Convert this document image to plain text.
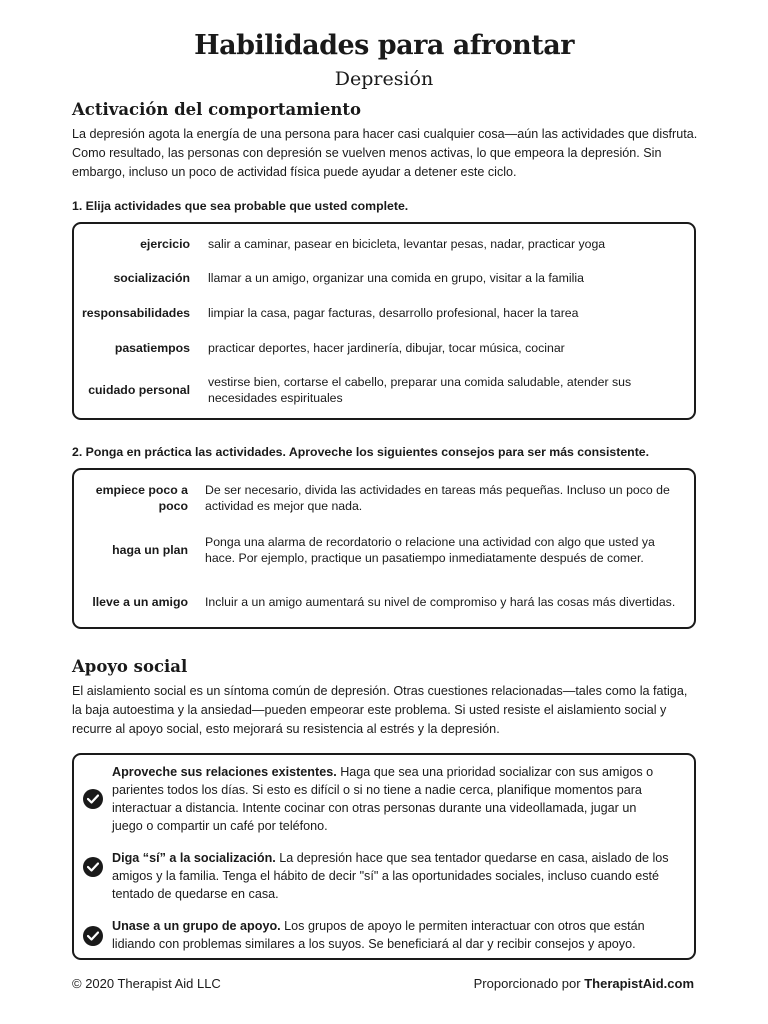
Habilidades para afrontar
Depresión
Activación del comportamiento
La depresión agota la energía de una persona para hacer casi cualquier cosa—aún las actividades que disfruta. Como resultado, las personas con depresión se vuelven menos activas, lo que empeora la depresión. Sin embargo, incluso un poco de actividad física puede ayudar a detener este ciclo.
1. Elija actividades que sea probable que usted complete.
ejercicio salir a caminar, pasear en bicicleta, levantar pesas, nadar, practicar yoga
socialización llamar a un amigo, organizar una comida en grupo, visitar a la familia
responsabilidades limpiar la casa, pagar facturas, desarrollo profesional, hacer la tarea
pasatiempos practicar deportes, hacer jardinería, dibujar, tocar música, cocinar
cuidado personal
vestirse bien, cortarse el cabello, preparar una comida saludable, atender sus necesidades espirituales
2. Ponga en práctica las actividades. Aproveche los siguientes consejos para ser más consistente.
empiece poco a poco
De ser necesario, divida las actividades en tareas más pequeñas. Incluso un poco de actividad es mejor que nada.
haga un plan
Ponga una alarma de recordatorio o relacione una actividad con algo que usted ya hace. Por ejemplo, practique un pasatiempo inmediatamente después de comer.
lleve a un amigo Incluir a un amigo aumentará su nivel de compromiso y hará las cosas más divertidas.
Apoyo social
El aislamiento social es un síntoma común de depresión. Otras cuestiones relacionadas—tales como la fatiga, la baja autoestima y la ansiedad—pueden empeorar este problema. Si usted resiste el aislamiento social y recurre al apoyo social, esto mejorará su resistencia al estrés y la depresión.
Aproveche sus relaciones existentes. Haga que sea una prioridad socializar con sus amigos o parientes todos los días. Si esto es difícil o si no tiene a nadie cerca, planifique momentos para interactuar a distancia. Intente cocinar con otras personas durante una videollamada, jugar un juego o compartir un café por teléfono.
Diga “sí” a la socialización. La depresión hace que sea tentador quedarse en casa, aislado de los amigos y la familia. Tenga el hábito de decir "sí" a las oportunidades sociales, incluso cuando esté tentado de quedarse en casa.
Unase a un grupo de apoyo. Los grupos de apoyo le permiten interactuar con otros que están lidiando con problemas similares a los suyos. Se beneficiará al dar y recibir consejos y apoyo.
© 2020 Therapist Aid LLC	Proporcionado por TherapistAid.com
